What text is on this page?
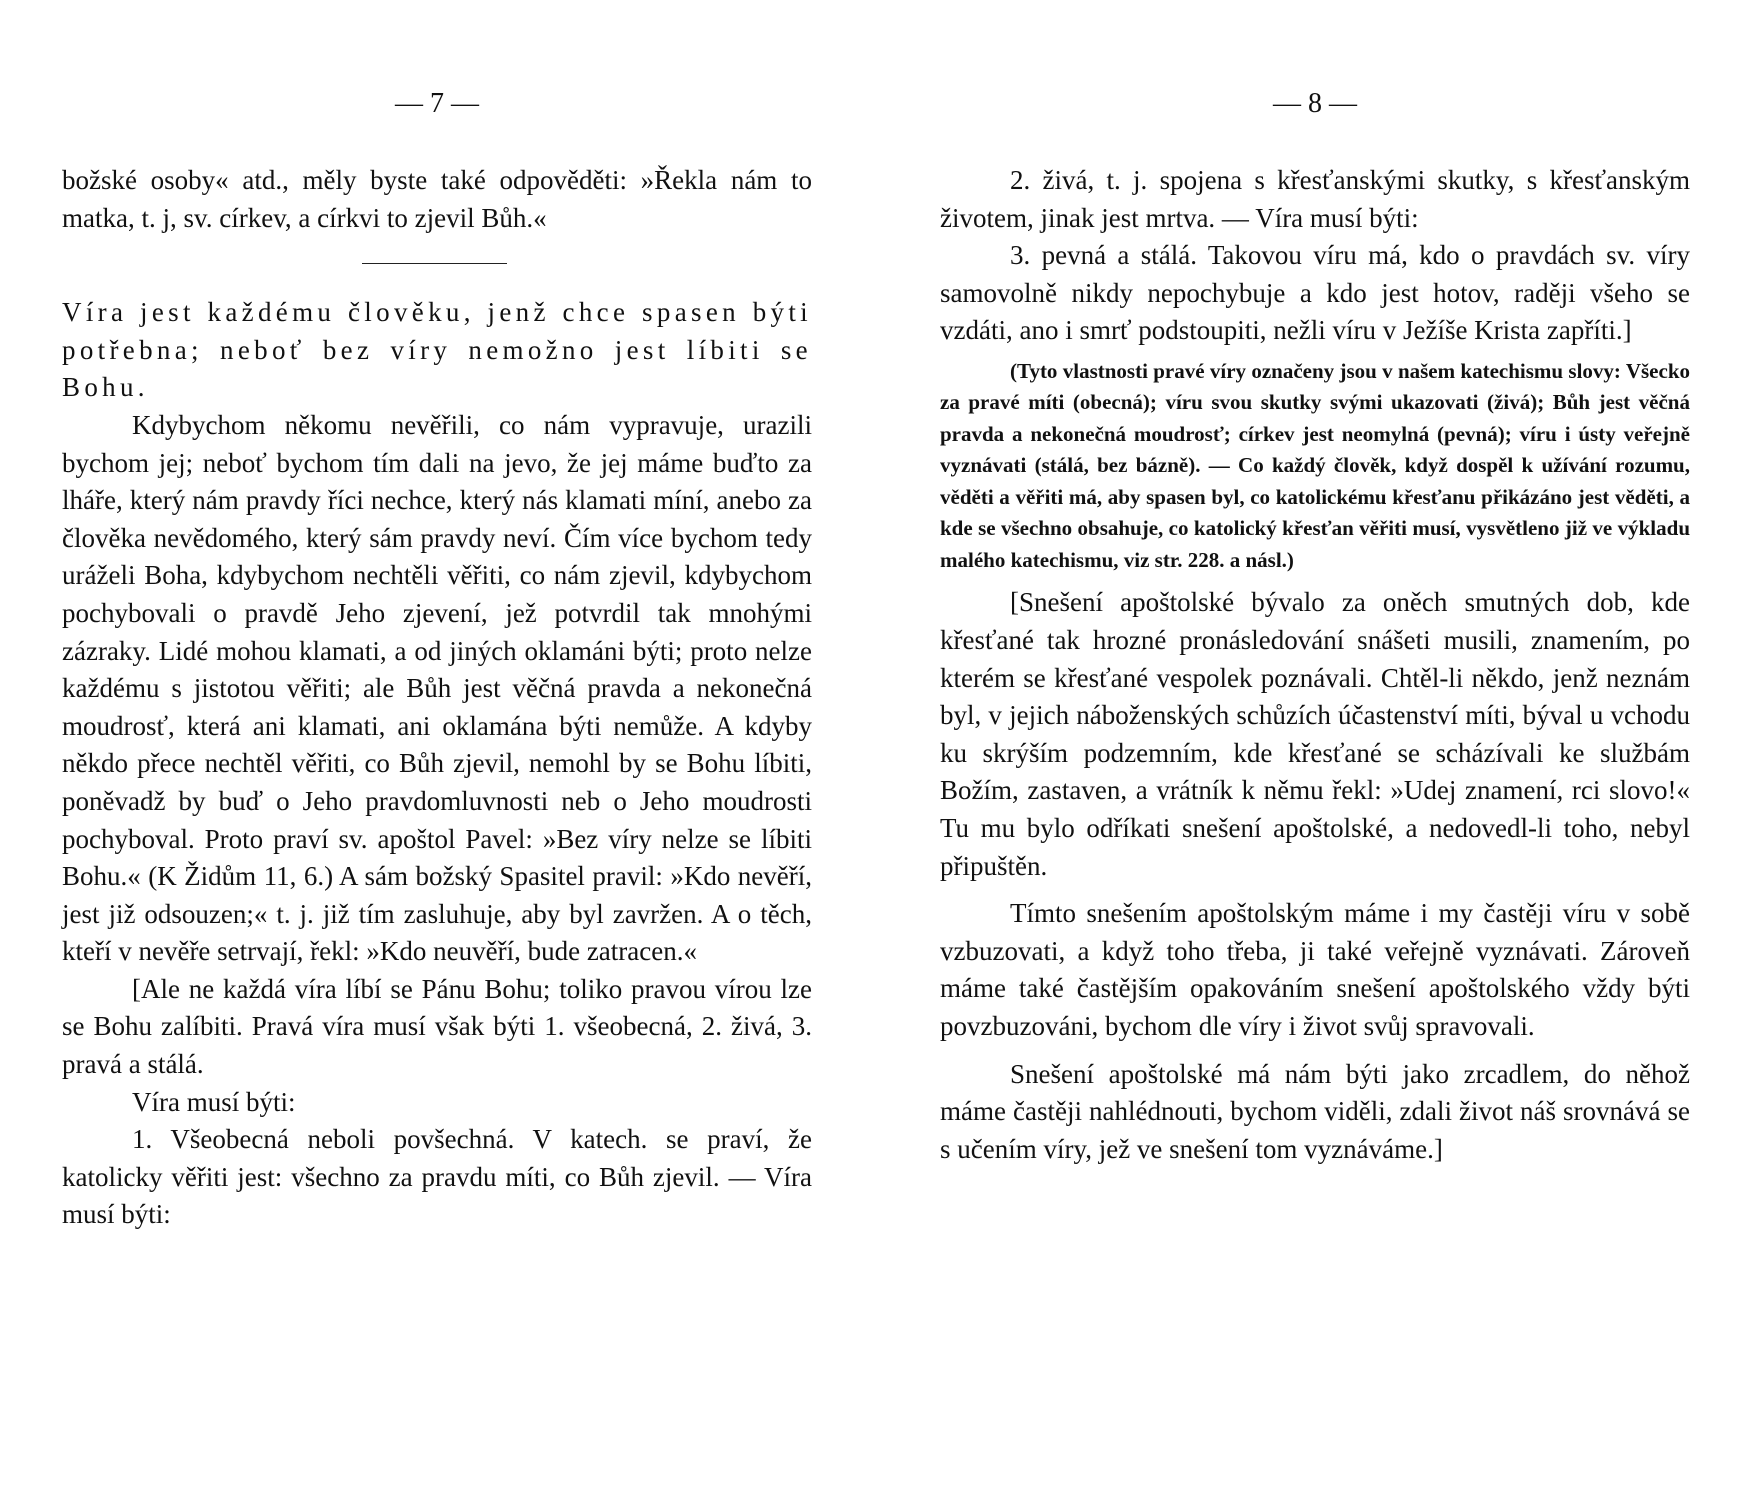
— 7 —

božské osoby« atd., měly byste také odpověděti: »Řekla nám to matka, t. j, sv. církev, a církvi to zjevil Bůh.«

Víra jest každému člověku, jenž chce spasen býti potřebna; neboť bez víry nemožno jest líbiti se Bohu.

Kdybychom někomu nevěřili, co nám vypravuje, urazili bychom jej; neboť bychom tím dali na jevo, že jej máme buďto za lháře, který nám pravdy říci nechce, který nás klamati míní, anebo za člověka nevědomého, který sám pravdy neví. Čím více bychom tedy uráželi Boha, kdybychom nechtěli věřiti, co nám zjevil, kdybychom pochybovali o pravdě Jeho zjevení, jež potvrdil tak mnohými zázraky. Lidé mohou klamati, a od jiných oklamáni býti; proto nelze každému s jistotou věřiti; ale Bůh jest věčná pravda a nekonečná moudrosť, která ani klamati, ani oklamána býti nemůže. A kdyby někdo přece nechtěl věřiti, co Bůh zjevil, nemohl by se Bohu líbiti, poněvadž by buď o Jeho pravdomluvnosti neb o Jeho moudrosti pochyboval. Proto praví sv. apoštol Pavel: »Bez víry nelze se líbiti Bohu.« (K Židům 11, 6.) A sám božský Spasitel pravil: »Kdo nevěří, jest již odsouzen;« t. j. již tím zasluhuje, aby byl zavržen. A o těch, kteří v nevěře setrvají, řekl: »Kdo neuvěří, bude zatracen.«

[Ale ne každá víra líbí se Pánu Bohu; toliko pravou vírou lze se Bohu zalíbiti. Pravá víra musí však býti 1. všeobecná, 2. živá, 3. pravá a stálá.

Víra musí býti:

1. Všeobecná neboli povšechná. V katech. se praví, že katolicky věřiti jest: všechno za pravdu míti, co Bůh zjevil. — Víra musí býti:

— 8 —

2. živá, t. j. spojena s křesťanskými skutky, s křesťanským životem, jinak jest mrtva. — Víra musí býti:

3. pevná a stálá. Takovou víru má, kdo o pravdách sv. víry samovolně nikdy nepochybuje a kdo jest hotov, raději všeho se vzdáti, ano i smrť podstoupiti, nežli víru v Ježíše Krista zapříti.]

(Tyto vlastnosti pravé víry označeny jsou v našem katechismu slovy: Všecko za pravé míti (obecná); víru svou skutky svými ukazovati (živá); Bůh jest věčná pravda a nekonečná moudrosť; církev jest neomylná (pevná); víru i ústy veřejně vyznávati (stálá, bez bázně). — Co každý člověk, když dospěl k užívání rozumu, věděti a věřiti má, aby spasen byl, co katolickému křesťanu přikázáno jest věděti, a kde se všechno obsahuje, co katolický křesťan věřiti musí, vysvětleno již ve výkladu malého katechismu, viz str. 228. a násl.)

[Snešení apoštolské bývalo za oněch smutných dob, kde křesťané tak hrozné pronásledování snášeti musili, znamením, po kterém se křesťané vespolek poznávali. Chtěl-li někdo, jenž neznám byl, v jejich náboženských schůzích účastenství míti, býval u vchodu ku skrýším podzemním, kde křesťané se scházívali ke službám Božím, zastaven, a vrátník k němu řekl: »Udej znamení, rci slovo!« Tu mu bylo odříkati snešení apoštolské, a nedovedl-li toho, nebyl připuštěn.

Tímto snešením apoštolským máme i my častěji víru v sobě vzbuzovati, a když toho třeba, ji také veřejně vyznávati. Zároveň máme také častějším opakováním snešení apoštolského vždy býti povzbuzováni, bychom dle víry i život svůj spravovali.

Snešení apoštolské má nám býti jako zrcadlem, do něhož máme častěji nahlédnouti, bychom viděli, zdali život náš srovnává se s učením víry, jež ve snešení tom vyznáváme.]
